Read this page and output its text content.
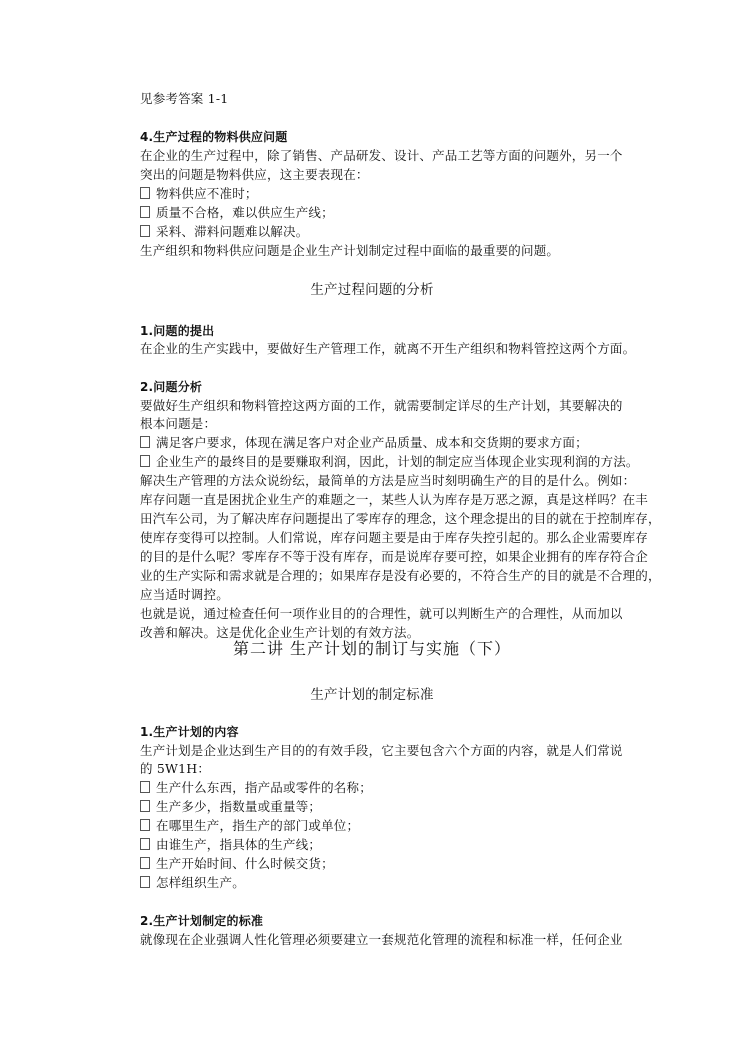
见参考答案 1-1
4.生产过程的物料供应问题
在企业的生产过程中，除了销售、产品研发、设计、产品工艺等方面的问题外，另一个
突出的问题是物料供应，这主要表现在：
物料供应不准时；
质量不合格，难以供应生产线；
采料、滞料问题难以解决。
生产组织和物料供应问题是企业生产计划制定过程中面临的最重要的问题。
生产过程问题的分析
1.问题的提出
在企业的生产实践中，要做好生产管理工作，就离不开生产组织和物料管控这两个方面。
2.问题分析
要做好生产组织和物料管控这两方面的工作，就需要制定详尽的生产计划，其要解决的
根本问题是：
满足客户要求，体现在满足客户对企业产品质量、成本和交货期的要求方面；
企业生产的最终目的是要赚取利润，因此，计划的制定应当体现企业实现利润的方法。
解决生产管理的方法众说纷纭，最简单的方法是应当时刻明确生产的目的是什么。例如：
库存问题一直是困扰企业生产的难题之一，某些人认为库存是万恶之源，真是这样吗？在丰
田汽车公司，为了解决库存问题提出了零库存的理念，这个理念提出的目的就在于控制库存，
使库存变得可以控制。人们常说，库存问题主要是由于库存失控引起的。那么企业需要库存
的目的是什么呢？零库存不等于没有库存，而是说库存要可控，如果企业拥有的库存符合企
业的生产实际和需求就是合理的；如果库存是没有必要的，不符合生产的目的就是不合理的，
应当适时调控。
也就是说，通过检查任何一项作业目的的合理性，就可以判断生产的合理性，从而加以
改善和解决。这是优化企业生产计划的有效方法。
第二讲 生产计划的制订与实施（下）
生产计划的制定标准
1.生产计划的内容
生产计划是企业达到生产目的的有效手段，它主要包含六个方面的内容，就是人们常说
的 5W1H：
生产什么东西，指产品或零件的名称；
生产多少，指数量或重量等；
在哪里生产，指生产的部门或单位；
由谁生产，指具体的生产线；
生产开始时间、什么时候交货；
怎样组织生产。
2.生产计划制定的标准
就像现在企业强调人性化管理必须要建立一套规范化管理的流程和标准一样，任何企业
